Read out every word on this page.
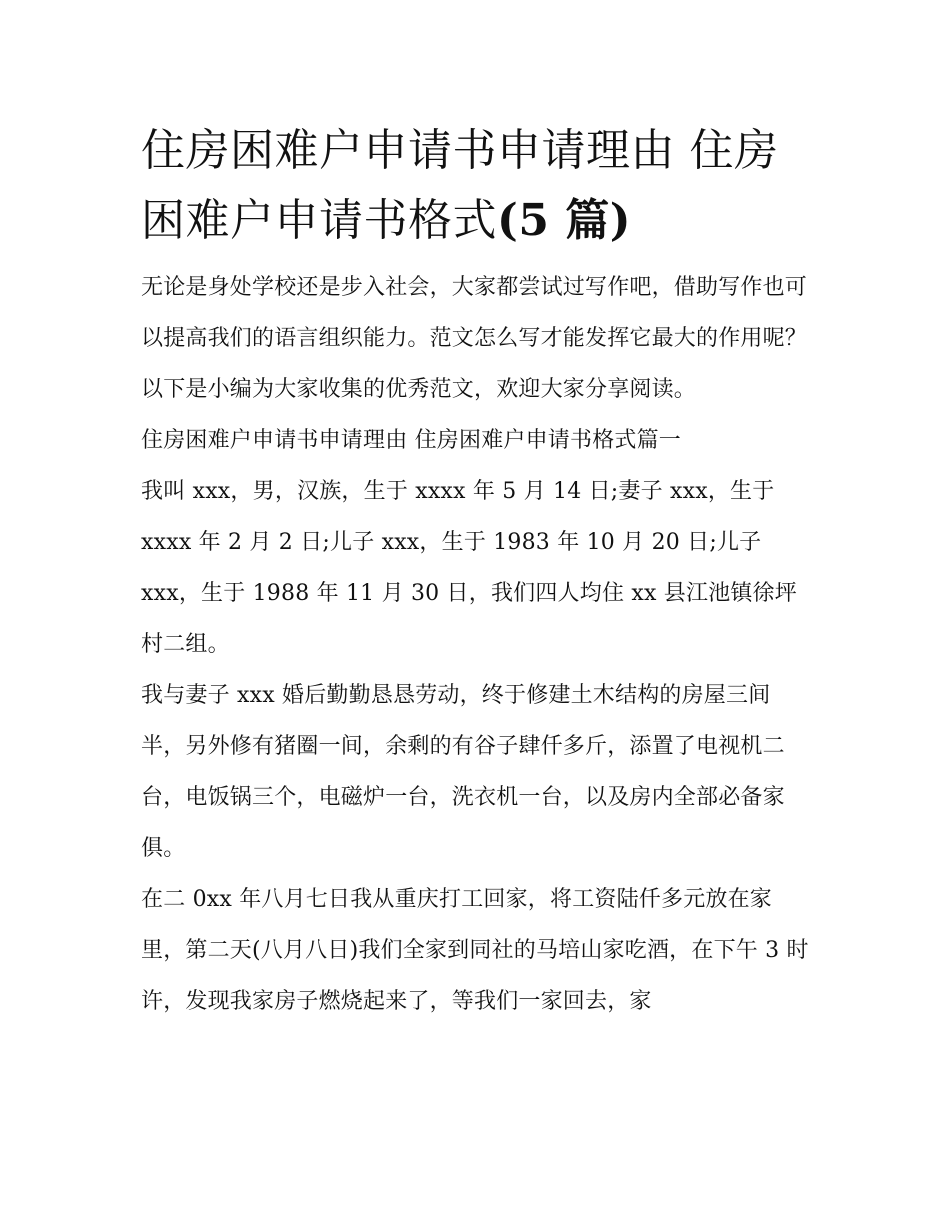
住房困难户申请书申请理由 住房困难户申请书格式(5 篇)

无论是身处学校还是步入社会，大家都尝试过写作吧，借助写作也可以提高我们的语言组织能力。范文怎么写才能发挥它最大的作用呢？以下是小编为大家收集的优秀范文，欢迎大家分享阅读。

住房困难户申请书申请理由 住房困难户申请书格式篇一

我叫 xxx，男，汉族，生于 xxxx 年 5 月 14 日;妻子 xxx，生于 xxxx 年 2 月 2 日;儿子 xxx，生于 1983 年 10 月 20 日;儿子 xxx，生于 1988 年 11 月 30 日，我们四人均住 xx 县江池镇徐坪村二组。

我与妻子 xxx 婚后勤勤恳恳劳动，终于修建土木结构的房屋三间半，另外修有猪圈一间，余剩的有谷子肆仟多斤，添置了电视机二台，电饭锅三个，电磁炉一台，洗衣机一台，以及房内全部必备家俱。

在二 0xx 年八月七日我从重庆打工回家，将工资陆仟多元放在家里，第二天(八月八日)我们全家到同社的马培山家吃酒，在下午 3 时许，发现我家房子燃烧起来了，等我们一家回去，家
